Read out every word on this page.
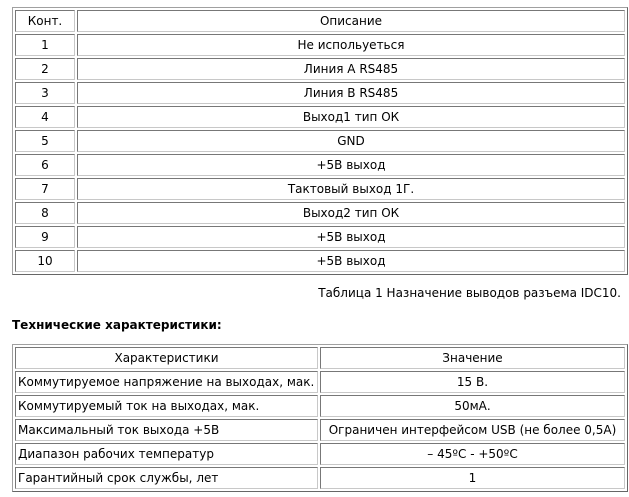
Конт.	Описание
1	Не испольуеться
2	Линия A RS485
3	Линия B RS485
4	Выход1 тип ОК
5	GND
6	+5В выход
7	Тактовый выход 1Г.
8	Выход2 тип ОК
9	+5В выход
10	+5В выход
Таблица 1 Назначение выводов разъема IDC10.
Технические характеристики:
Характеристики	Значение
Коммутируемое напряжение на выходах, мак.	15 В.
Коммутируемый ток на выходах, мак.	50мА.
Максимальный ток выхода +5В	Ограничен интерфейсом USB (не более 0,5А)
Диапазон рабочих температур	– 45ºС - +50ºС
Гарантийный срок службы, лет	1
